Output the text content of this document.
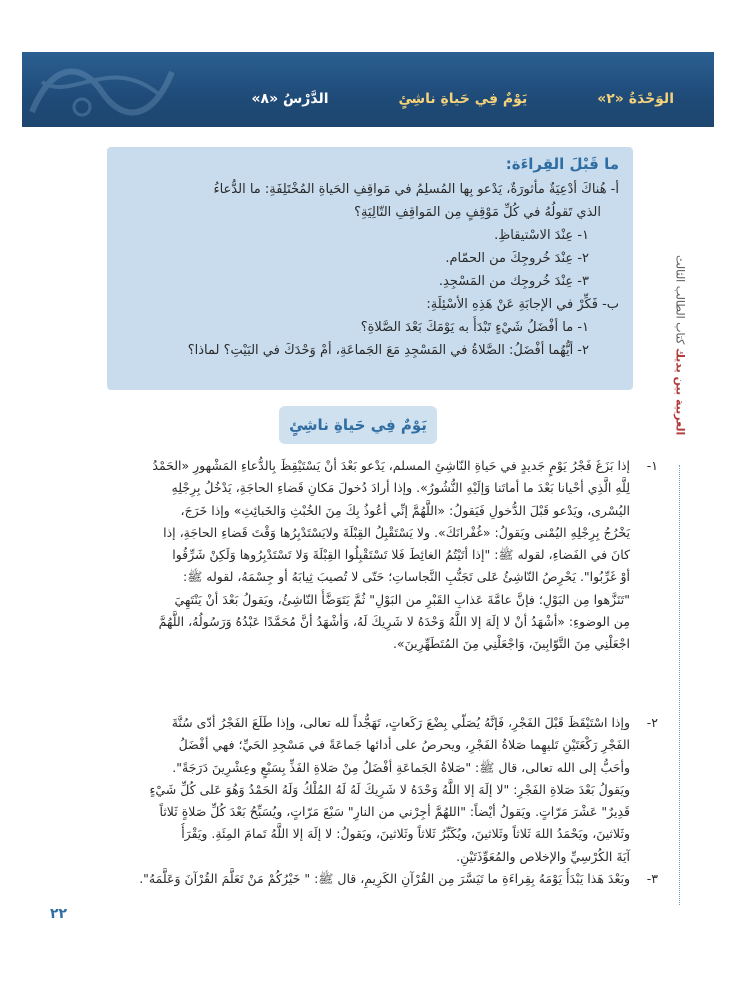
الوَحْدَةُ «٢»
يَوْمٌ فِي حَياةِ ناشِئٍ
الدَّرْسُ «٨»
العربية بين يديك كتاب الطالب الثالث
ما قَبْلَ القِراءَة:
أ- هُناكَ أدْعِيَةٌ مأثورَةٌ، يَدْعو بِها المُسلِمُ في مَواقِفِ الحَياةِ المُخْتَلِفَةِ: ما الدُّعاءُ
الذي تَقولُهُ في كُلِّ مَوْقِفٍ مِن المَواقِفِ التّالِيَةِ؟
١- عِنْدَ الاسْتيقاظِ.
٢- عِنْدَ خُروجِكَ من الحمّام.
٣- عِنْدَ خُروجِك من المَسْجِدِ.
ب- فَكِّرْ في الإجابَةِ عَنْ هَذِهِ الأسْئِلَةِ:
١- ما أفْضَلُ شَيْءٍ تَبْدَأُ به يَوْمَكَ بَعْدَ الصَّلاةِ؟
٢- أيُّهُما أفْضَلُ: الصَّلاةُ في المَسْجِدِ مَعَ الجَماعَةِ، أمْ وَحْدَكَ في البَيْتِ؟ لماذا؟
يَوْمٌ فِي حَياةِ ناشِئٍ
١-إذا بَزَغَ فَجْرُ يَوْمٍ جَديدٍ في حَياةِ النّاشِئِ المسلم، يَدْعو بَعْدَ أنْ يَسْتَيْقِظَ بِالدُّعاءِ المَشْهورِ «الحَمْدُ
لِلَّهِ الَّذِي أحْيانا بَعْدَ ما أماتَنا وَإلَيْهِ النُّشُورُ». وإذا أرادَ دُخولَ مَكانِ قَضاءِ الحاجَةِ، يَدْخُلُ بِرِجْلِهِ
اليُسْرى، ويَدْعو قَبْلَ الدُّخولِ فَيَقولُ: «اللَّهُمَّ إنِّي أعُوذُ بِكَ مِنَ الخُبْثِ وَالخَبائِثِ» وإذا خَرَجَ،
يَخْرُجُ بِرِجْلِهِ اليُمْنى ويَقولُ: «غُفْرانَكَ». ولا يَسْتَقْبِلُ القِبْلَةَ ولايَسْتَدْبِرُها وَقْتَ قَضاءِ الحاجَةِ، إذا
كانَ في الفَضاءِ، لقوله ﷺ: "إذا أتَيْتُمُ الغائِطَ فَلا تَسْتَقْبِلُوا القِبْلَةَ وَلا تَسْتَدْبِرُوها وَلَكِنْ شَرِّقُوا
أوْ غَرِّبُوا". يَحْرِصُ النّاشِئُ عَلى تَجَنُّبِ النَّجاساتِ؛ حَتّى لا تُصيبَ ثِيابَهُ أو جِسْمَهُ، لقوله ﷺ:
"تَنَزَّهوا مِن البَوْلِ؛ فإنَّ عامَّةَ عَذابِ القَبْرِ من البَوْلِ" ثُمَّ يَتَوَضَّأُ النّاشِئُ، ويَقولُ بَعْدَ أنْ يَنْتَهِيَ
مِن الوضوءِ: «أشْهَدُ أنْ لا إلَهَ إلا اللَّهُ وَحْدَهُ لا شَرِيكَ لَهُ، وَأشْهَدُ أنَّ مُحَمَّدًا عَبْدُهُ وَرَسُولُهُ، اللَّهُمَّ
اجْعَلْنِي مِنَ التَّوّابِينَ، وَاجْعَلْنِي مِنَ المُتَطَهِّرِينَ».
٢-وإذا اسْتَيْقَظَ قَبْلَ الفَجْرِ، فَإنَّهُ يُصَلّي بِضْعَ رَكَعاتٍ، تَهَجُّداً لله تعالى، وإذا طَلَعَ الفَجْرُ أدّى سُنَّةَ
الفَجْرِ رَكْعَتَيْنِ تَليهِما صَلاةُ الفَجْرِ، ويحرصُ على أدائها جَماعَةً في مَسْجِدِ الحَيِّ؛ فهي أفْضَلُ
وأحَبُّ إلى الله تعالى، قال ﷺ: "صَلاةُ الجَماعَةِ أفْضَلُ مِنْ صَلاةِ الفَذِّ بِسَبْعٍ وعِشْرِينَ دَرَجَةً".
ويَقولُ بَعْدَ صَلاةِ الفَجْرِ: "لا إلَهَ إلا اللَّهُ وَحْدَهُ لا شَرِيكَ لَهُ لَهُ المُلْكُ وَلَهُ الحَمْدُ وَهُوَ عَلى كُلِّ شَيْءٍ
قَدِيرٌ" عَشْرَ مَرّاتٍ. ويَقولُ أيْضاً: "اللهُمَّ أجِرْني من النارِ" سَبْعَ مَرّاتٍ، ويُسَبِّحُ بَعْدَ كُلِّ صَلاةٍ ثَلاثاً
وثَلاثينَ، ويَحْمَدُ اللهَ ثَلاثاً وثَلاثينَ، ويُكَبِّرُ ثَلاثاً وثَلاثينَ، ويَقولُ: لا إلَهَ إلا اللَّهُ تَمامَ المِئَةِ. ويَقْرَأُ
آيَةَ الكُرْسِيِّ والإخلاص والمُعَوِّذَتَيْنِ.
٣-وبَعْدَ هَذا يَبْدَأُ يَوْمَهُ بِقِراءَةِ ما تَيَسَّرَ مِن القُرْآنِ الكَرِيمِ، قال ﷺ: " خَيْرُكُمْ مَنْ تَعَلَّمَ القُرْآنَ وَعَلَّمَهُ".
٢٢
